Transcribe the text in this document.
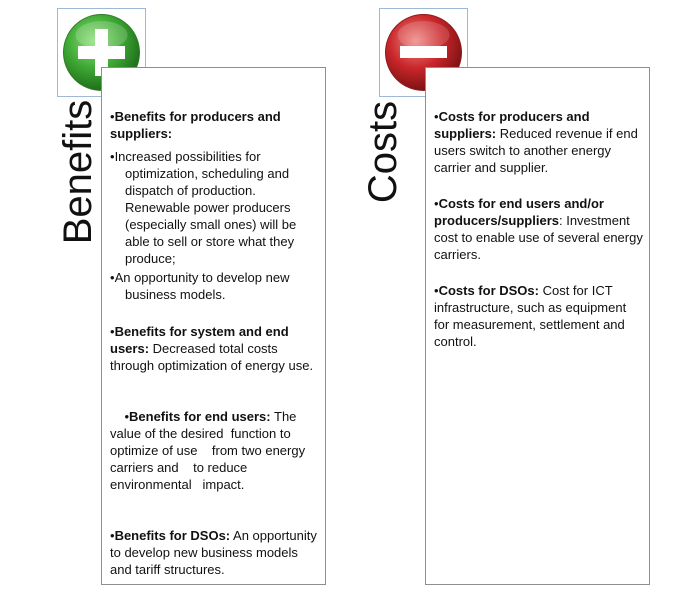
Benefits	Costs
•Benefits for producers and suppliers:
•Increased possibilities for optimization, scheduling and dispatch of production. Renewable power producers (especially small ones) will be able to sell or store what they produce;
•An opportunity to develop new business models.
•Benefits for system and end users: Decreased total costs through optimization of energy use.

•Benefits for end users: The value of the desired  function to optimize of use    from two energy carriers and    to reduce environmental   impact.

•Benefits for DSOs: An opportunity to develop new business models and tariff structures.
•Costs for producers and suppliers: Reduced revenue if end users switch to another energy carrier and supplier.
•Costs for end users and/or producers/suppliers: Investment cost to enable use of several energy carriers.
•Costs for DSOs: Cost for ICT infrastructure, such as equipment for measurement, settlement and control.
